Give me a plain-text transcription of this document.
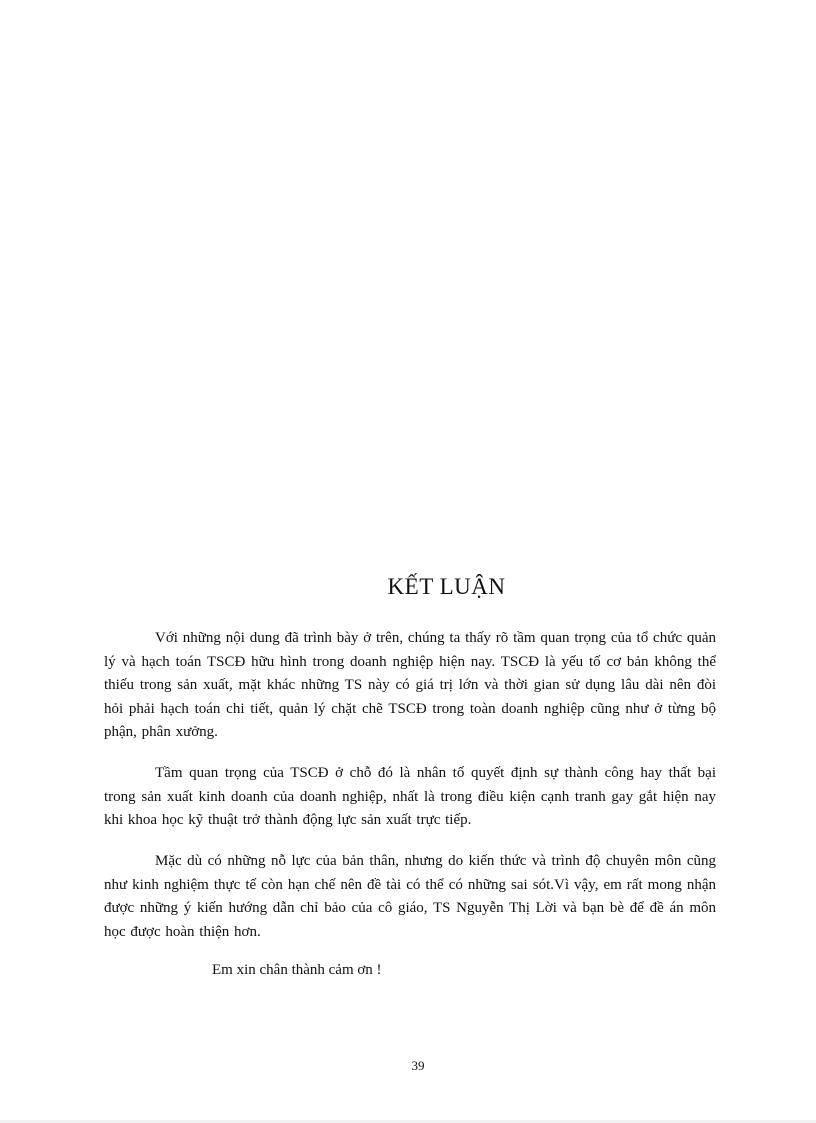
KẾT LUẬN

Với những nội dung đã trình bày ở trên, chúng ta thấy rõ tầm quan trọng của tổ chức quản lý và hạch toán TSCĐ hữu hình trong doanh nghiệp hiện nay. TSCĐ là yếu tố cơ bản không thể thiếu trong sản xuất, mặt khác những TS này có giá trị lớn và thời gian sử dụng lâu dài nên đòi hỏi phải hạch toán chi tiết, quản lý chặt chẽ TSCĐ trong toàn doanh nghiệp cũng như ở từng bộ phận, phân xưởng.

Tầm quan trọng của TSCĐ ở chỗ đó là nhân tố quyết định sự thành công hay thất bại trong sản xuất kinh doanh của doanh nghiệp, nhất là trong điều kiện cạnh tranh gay gắt hiện nay khi khoa học kỹ thuật trở thành động lực sản xuất trực tiếp.

Mặc dù có những nỗ lực của bản thân, nhưng do kiến thức và trình độ chuyên môn cũng như kinh nghiệm thực tế còn hạn chế nên đề tài có thể có những sai sót.Vì vậy, em rất mong nhận được những ý kiến hướng dẫn chỉ bảo của cô giáo, TS Nguyễn Thị Lời và bạn bè để đề án môn học được hoàn thiện hơn.

Em xin chân thành cảm ơn !

39
